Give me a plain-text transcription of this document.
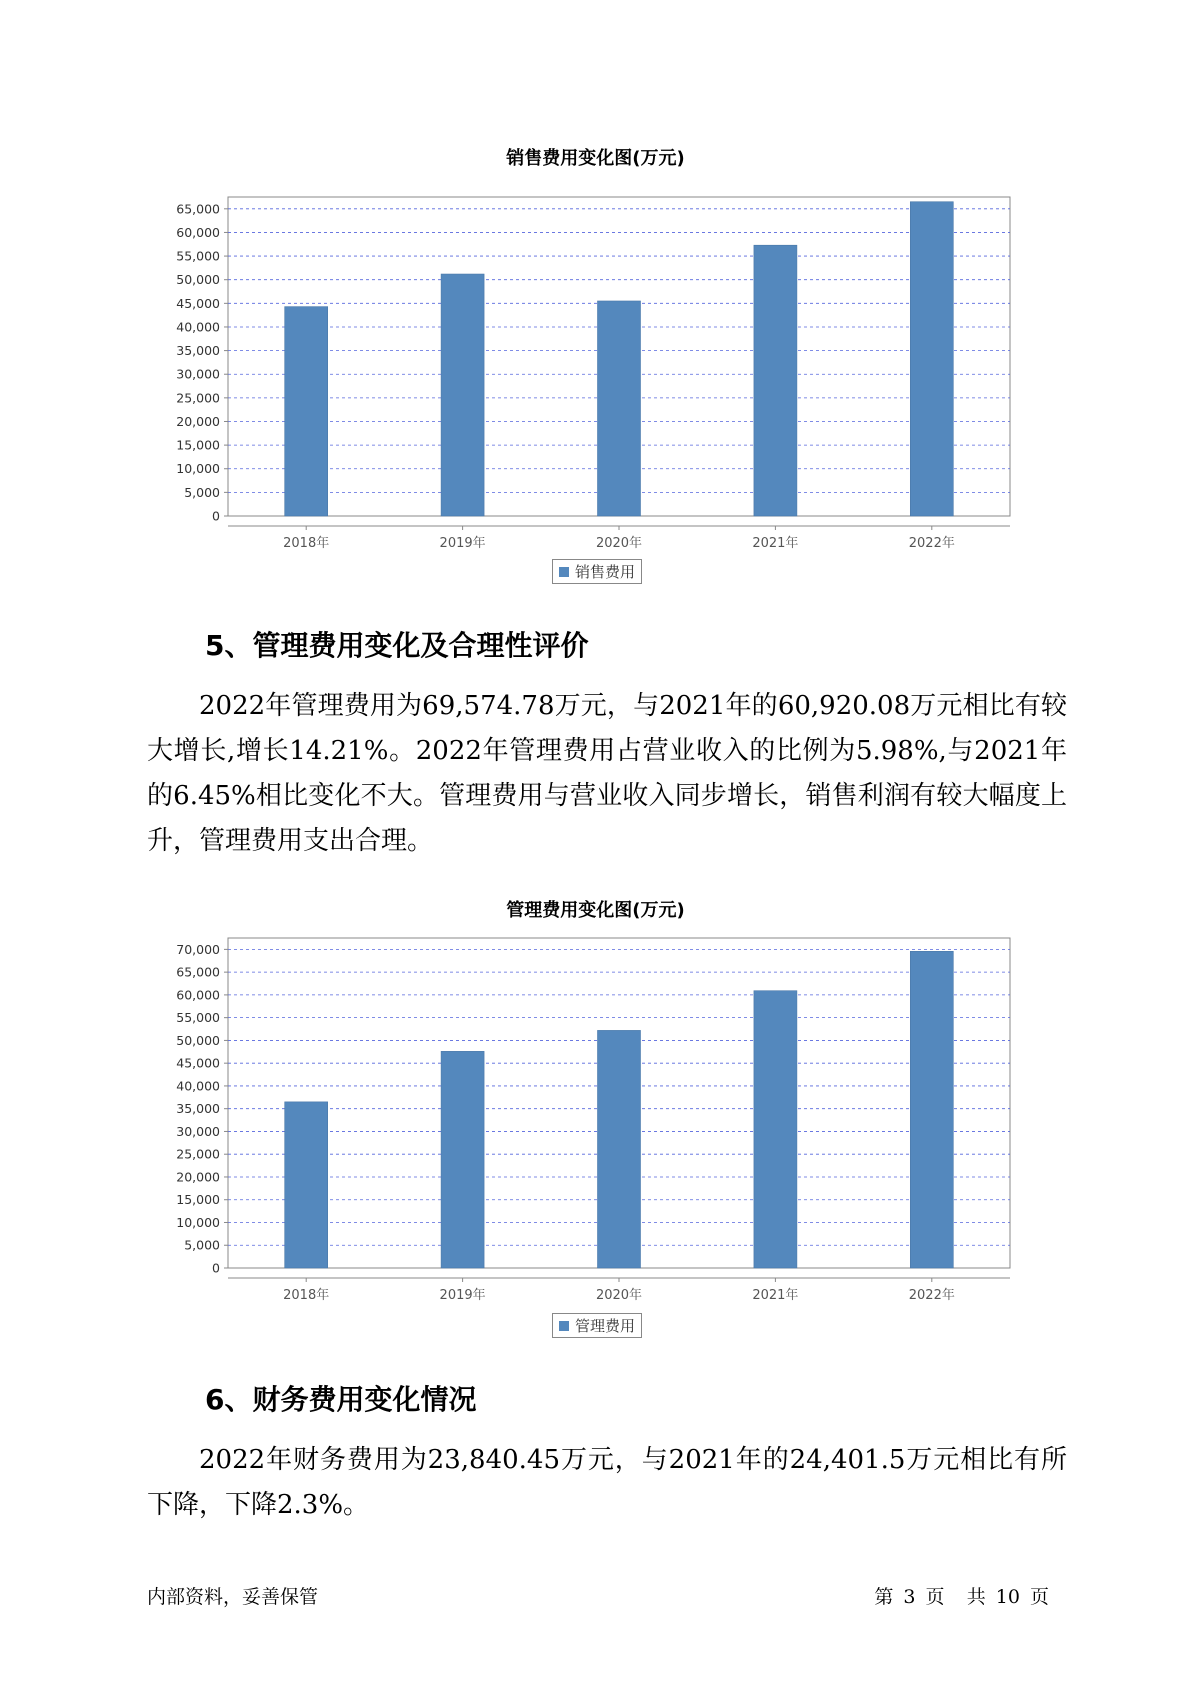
销售费用变化图(万元)
0
5,000
10,000
15,000
20,000
25,000
30,000
35,000
40,000
45,000
50,000
55,000
60,000
65,000
2018年	2019年	2020年	2021年	2022年
销售费用
5、管理费用变化及合理性评价

2022年管理费用为69,574.78万元，与2021年的60,920.08万元相比有较大增长,增长14.21%。2022年管理费用占营业收入的比例为5.98%,与2021年的6.45%相比变化不大。管理费用与营业收入同步增长，销售利润有较大幅度上升，管理费用支出合理。

管理费用变化图(万元)
0
5,000
10,000
15,000
20,000
25,000
30,000
35,000
40,000
45,000
50,000
55,000
60,000
65,000
70,000
2018年	2019年	2020年	2021年	2022年
管理费用
6、财务费用变化情况

2022年财务费用为23,840.45万元，与2021年的24,401.5万元相比有所下降，下降2.3%。

内部资料，妥善保管	第 3 页 共 10 页
